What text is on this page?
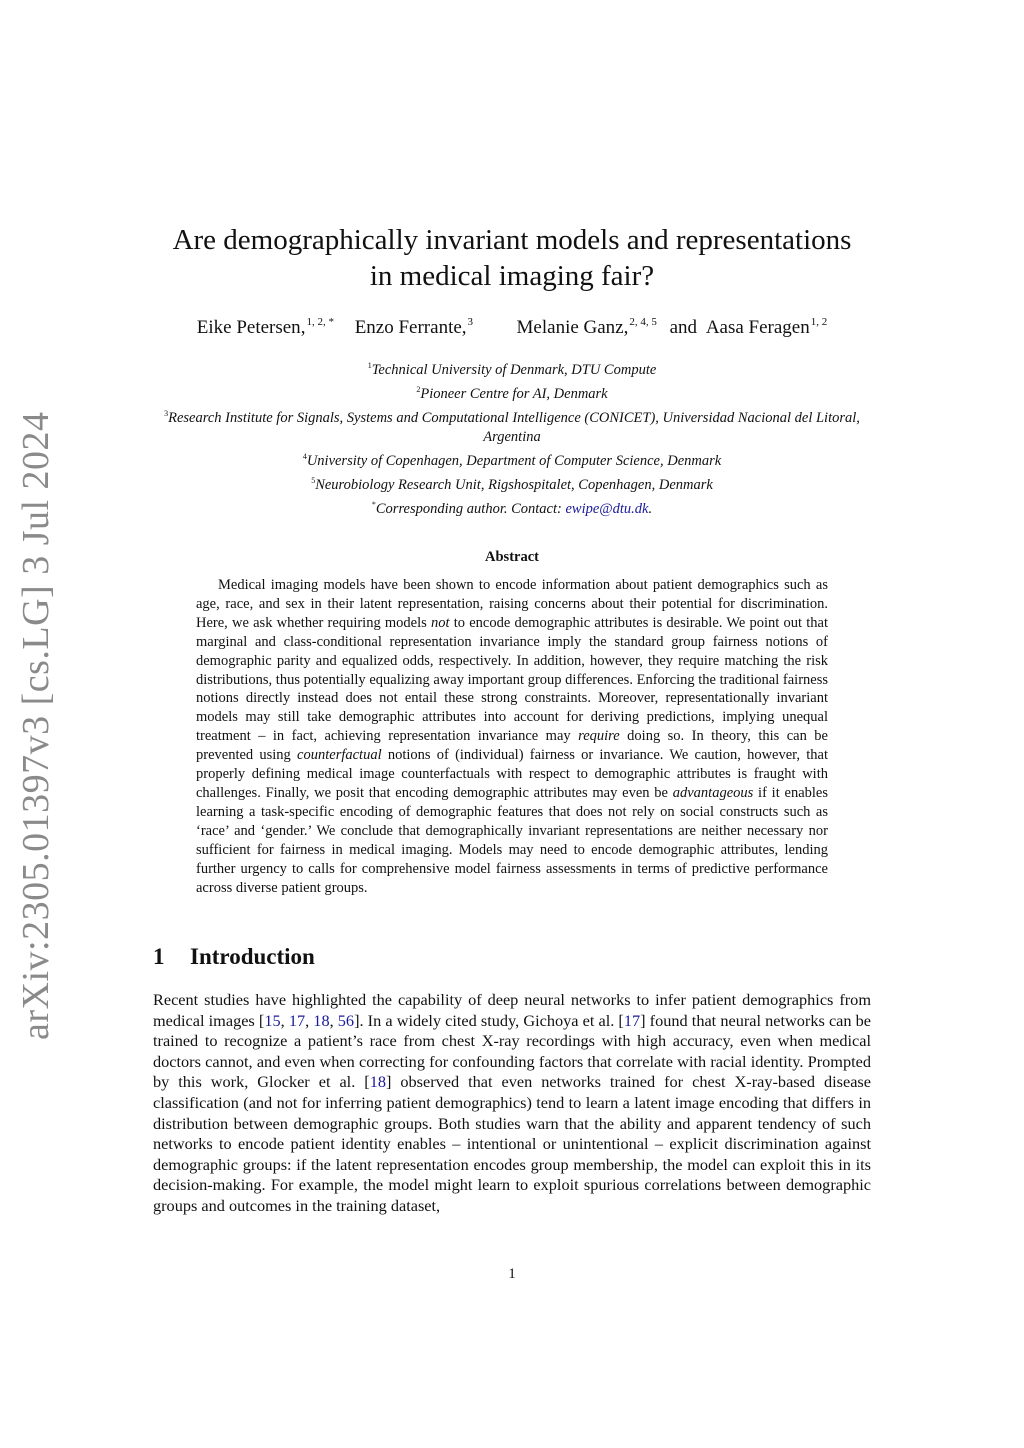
arXiv:2305.01397v3 [cs.LG] 3 Jul 2024
Are demographically invariant models and representations
in medical imaging fair?
Eike Petersen,$^{1, 2, *}$ Enzo Ferrante,$^3$ Melanie Ganz,$^{2, 4, 5}$ and Aasa Feragen$^{1, 2}$
$^1$Technical University of Denmark, DTU Compute
$^2$Pioneer Centre for AI, Denmark
$^3$Research Institute for Signals, Systems and Computational Intelligence (CONICET), Universidad Nacional del Litoral,
Argentina
$^4$University of Copenhagen, Department of Computer Science, Denmark
$^5$Neurobiology Research Unit, Rigshospitalet, Copenhagen, Denmark
*Corresponding author. Contact: ewipe@dtu.dk.
Abstract

Medical imaging models have been shown to encode information about patient demographics such as age, race, and sex in their latent representation, raising concerns about their potential for discrimination. Here, we ask whether requiring models not to encode demographic attributes is desirable. We point out that marginal and class-conditional representation invariance imply the standard group fairness notions of demographic parity and equalized odds, respectively. In addition, however, they require matching the risk distributions, thus potentially equalizing away important group differences. Enforcing the traditional fairness notions directly instead does not entail these strong constraints. Moreover, representationally invariant models may still take demographic attributes into account for deriving predictions, implying unequal treatment – in fact, achieving representation invariance may require doing so. In theory, this can be prevented using counterfactual notions of (individual) fairness or invariance. We caution, however, that properly defining medical image counterfactuals with respect to demographic attributes is fraught with challenges. Finally, we posit that encoding demographic attributes may even be advantageous if it enables learning a task-specific encoding of demographic features that does not rely on social constructs such as ‘race’ and ‘gender.’ We conclude that demographically invariant representations are neither necessary nor sufficient for fairness in medical imaging. Models may need to encode demographic attributes, lending further urgency to calls for comprehensive model fairness assessments in terms of predictive performance across diverse patient groups.

1 Introduction

Recent studies have highlighted the capability of deep neural networks to infer patient demographics from medical images [15, 17, 18, 56]. In a widely cited study, Gichoya et al. [17] found that neural networks can be trained to recognize a patient’s race from chest X-ray recordings with high accuracy, even when medical doctors cannot, and even when correcting for confounding factors that correlate with racial identity. Prompted by this work, Glocker et al. [18] observed that even networks trained for chest X-ray-based disease classification (and not for inferring patient demographics) tend to learn a latent image encoding that differs in distribution between demographic groups. Both studies warn that the ability and apparent tendency of such networks to encode patient identity enables – intentional or unintentional – explicit discrimination against demographic groups: if the latent representation encodes group membership, the model can exploit this in its decision-making. For example, the model might learn to exploit spurious correlations between demographic groups and outcomes in the training dataset,

1
